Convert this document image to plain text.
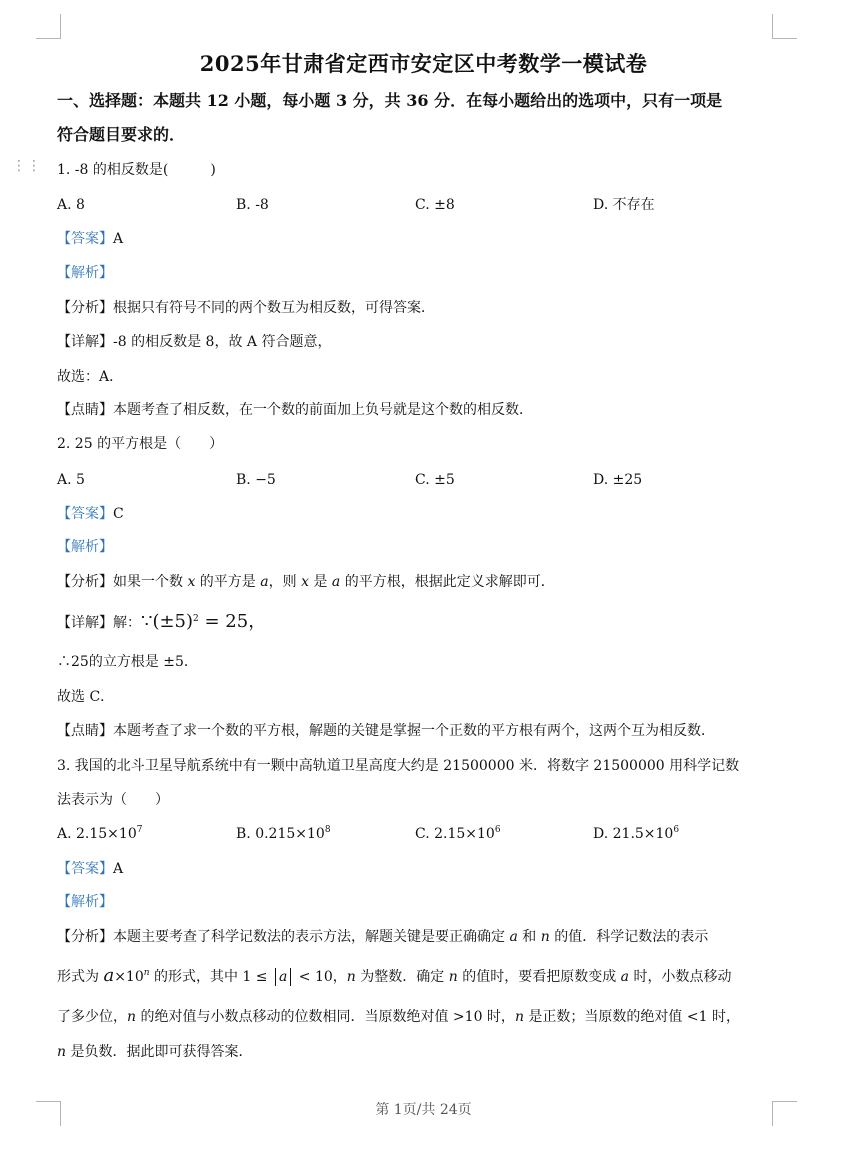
⋮⋮
2025年甘肃省定西市安定区中考数学一模试卷
一、选择题：本题共 12 小题，每小题 3 分，共 36 分．在每小题给出的选项中，只有一项是
符合题目要求的．
1. -8 的相反数是(　　　)
A. 8	B. -8	C. ±8	D. 不存在
【答案】A
【解析】
【分析】根据只有符号不同的两个数互为相反数，可得答案．
【详解】-8 的相反数是 8，故 A 符合题意，
故选：A．
【点睛】本题考查了相反数，在一个数的前面加上负号就是这个数的相反数．
2. 25 的平方根是（　　）
A. 5	B. −5	C. ±5	D. ±25
【答案】C
【解析】
【分析】如果一个数 x 的平方是 a，则 x 是 a 的平方根，根据此定义求解即可．
【详解】解：$\because(\pm 5)^2 = 25$，
∴25的立方根是 ±5．
故选 C．
【点睛】本题考查了求一个数的平方根，解题的关键是掌握一个正数的平方根有两个，这两个互为相反数．
3. 我国的北斗卫星导航系统中有一颗中高轨道卫星高度大约是 21500000 米．将数字 21500000 用科学记数
法表示为（　　）
A. $2.15\times 10^7$	B. $0.215\times 10^8$	C. $2.15\times 10^6$	D. $21.5\times 10^6$
【答案】A
【解析】
【分析】本题主要考查了科学记数法的表示方法，解题关键是要正确确定 a 和 n 的值．科学记数法的表示
形式为 $a\times 10^n$ 的形式，其中 1 ≤ a < 10，n 为整数．确定 n 的值时，要看把原数变成 a 时，小数点移动
了多少位，n 的绝对值与小数点移动的位数相同．当原数绝对值 >10 时，n 是正数；当原数的绝对值 <1 时，
n 是负数．据此即可获得答案．
第 1页/共 24页
